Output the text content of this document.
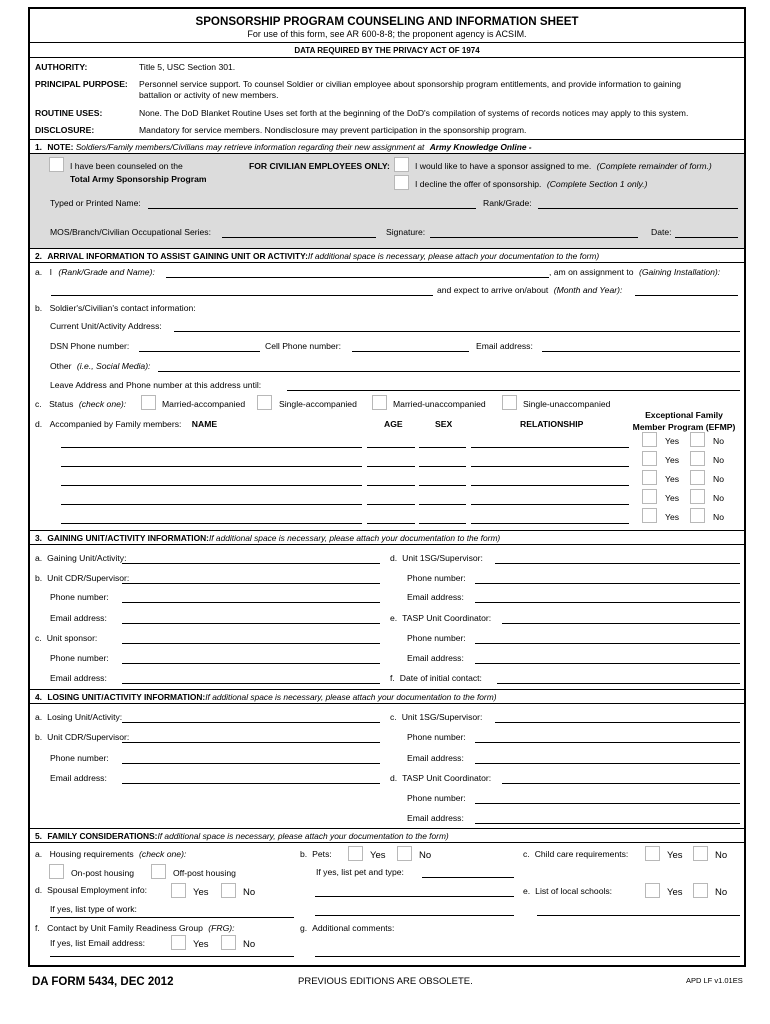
SPONSORSHIP PROGRAM COUNSELING AND INFORMATION SHEET
For use of this form, see AR 600-8-8; the proponent agency is ACSIM.
DATA REQUIRED BY THE PRIVACY ACT OF 1974
AUTHORITY:	Title 5, USC Section 301.
PRINCIPAL PURPOSE: Personnel service support. To counsel Soldier or civilian employee about sponsorship program entitlements, and provide information to gaining
battalion or activity of new members.
ROUTINE USES:	None. The DoD Blanket Routine Uses set forth at the beginning of the DoD's compilation of systems of records notices may apply to this system.
DISCLOSURE:	Mandatory for service members. Nondisclosure may prevent participation in the sponsorship program.
1. NOTE: Soldiers/Family members/Civilians may retrieve information regarding their new assignment at Army Knowledge Online -
I have been counseled on the
Total Army Sponsorship Program
FOR CIVILIAN EMPLOYEES ONLY:	I would like to have a sponsor assigned to me. (Complete remainder of form.)
I decline the offer of sponsorship. (Complete Section 1 only.)
Typed or Printed Name:	Rank/Grade:
MOS/Branch/Civilian Occupational Series:	Signature:	Date:
2. ARRIVAL INFORMATION TO ASSIST GAINING UNIT OR ACTIVITY:If additional space is necessary, please attach your documentation to the form)
a. I (Rank/Grade and Name):	, am on assignment to (Gaining Installation):
and expect to arrive on/about (Month and Year):
b. Soldier's/Civilian's contact information:
Current Unit/Activity Address:
DSN Phone number:	Cell Phone number:	Email address:
Other (i.e., Social Media):
Leave Address and Phone number at this address until:
c. Status (check one):	Married-accompanied	Single-accompanied	Married-unaccompanied	Single-unaccompanied
d. Accompanied by Family members: NAME	AGE	SEX	RELATIONSHIP
Exceptional Family
Member Program (EFMP)
Yes	No
Yes	No
Yes	No
Yes	No
Yes	No
3. GAINING UNIT/ACTIVITY INFORMATION:If additional space is necessary, please attach your documentation to the form)
a. Gaining Unit/Activity:
b. Unit CDR/Supervisor:
Phone number:
Email address:
c. Unit sponsor:
Phone number:
Email address:
d. Unit 1SG/Supervisor:
Phone number:
Email address:
e. TASP Unit Coordinator:
Phone number:
Email address:
f. Date of initial contact:
4. LOSING UNIT/ACTIVITY INFORMATION:If additional space is necessary, please attach your documentation to the form)
a. Losing Unit/Activity:
b. Unit CDR/Supervisor:
Phone number:
Email address:
c. Unit 1SG/Supervisor:
Phone number:
Email address:
d. TASP Unit Coordinator:
Phone number:
Email address:
5. FAMILY CONSIDERATIONS:If additional space is necessary, please attach your documentation to the form)
a. Housing requirements (check one):
On-post housing	Off-post housing
b. Pets:	Yes	No
If yes, list pet and type:
c. Child care requirements:	Yes	No
d. Spousal Employment info:	Yes	No
If yes, list type of work:
e. List of local schools:	Yes	No
f. Contact by Unit Family Readiness Group (FRG):
If yes, list Email address:	Yes	No
g. Additional comments:
DA FORM 5434, DEC 2012	PREVIOUS EDITIONS ARE OBSOLETE.	APD LF v1.01ES
